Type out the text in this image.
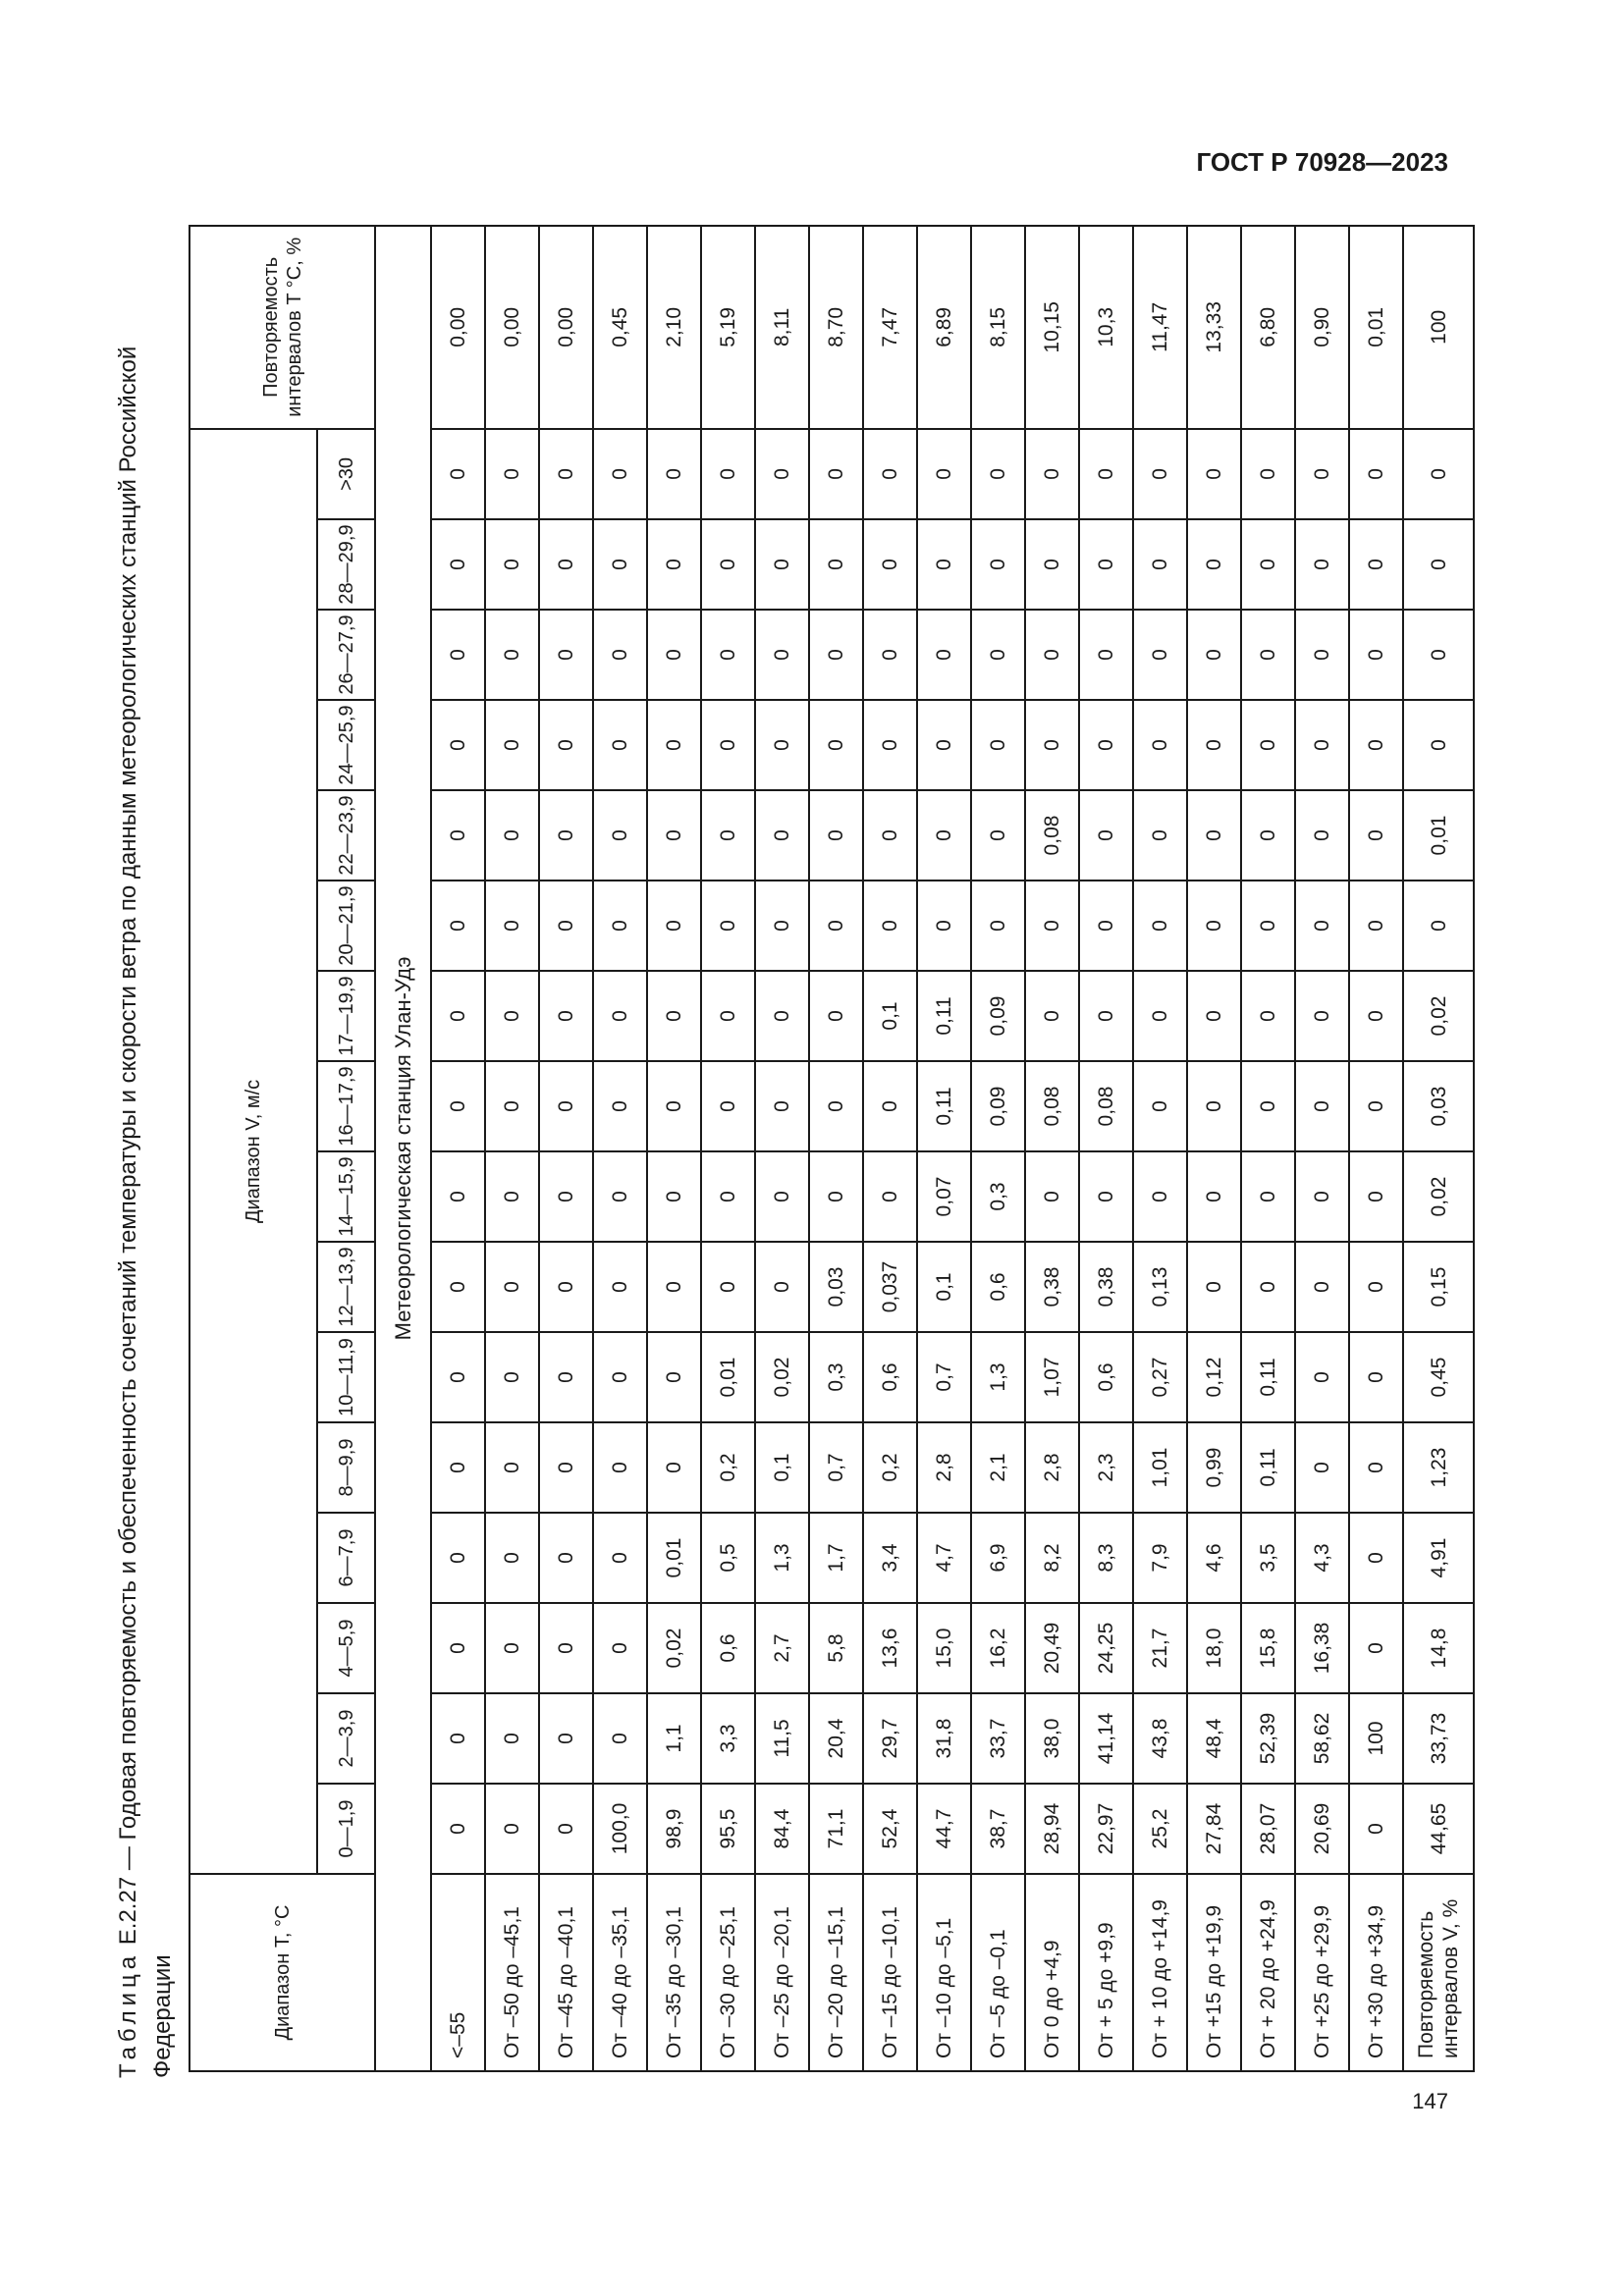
ГОСТ Р 70928—2023
Таблица Е.2.27 — Годовая повторяемость и обеспеченность сочетаний температуры и скорости ветра по данным метеорологических станций Российской Федерации	Диапазон T, °C	Диапазон V, м/с																Повторяемость интервалов T °C, %
	0—1,9	2—3,9	4—5,9	6—7,9	8—9,9	10—11,9	12—13,9	14—15,9	16—17,9	17—19,9	20—21,9	22—23,9	24—25,9	26—27,9	28—29,9	>30	
Метеорологическая станция Улан-Удэ																	
<–55	0	0	0	0	0	0	0	0	0	0	0	0	0	0	0	0	0,00
От –50 до –45,1	0	0	0	0	0	0	0	0	0	0	0	0	0	0	0	0	0,00
От –45 до –40,1	0	0	0	0	0	0	0	0	0	0	0	0	0	0	0	0	0,00
От –40 до –35,1	100,0	0	0	0	0	0	0	0	0	0	0	0	0	0	0	0	0,45
От –35 до –30,1	98,9	1,1	0,02	0,01	0	0	0	0	0	0	0	0	0	0	0	0	2,10
От –30 до –25,1	95,5	3,3	0,6	0,5	0,2	0,01	0	0	0	0	0	0	0	0	0	0	5,19
От –25 до –20,1	84,4	11,5	2,7	1,3	0,1	0,02	0	0	0	0	0	0	0	0	0	0	8,11
От –20 до –15,1	71,1	20,4	5,8	1,7	0,7	0,3	0,03	0	0	0	0	0	0	0	0	0	8,70
От –15 до –10,1	52,4	29,7	13,6	3,4	0,2	0,6	0,037	0	0	0,1	0	0	0	0	0	0	7,47
От –10 до –5,1	44,7	31,8	15,0	4,7	2,8	0,7	0,1	0,07	0,11	0,11	0	0	0	0	0	0	6,89
От –5 до –0,1	38,7	33,7	16,2	6,9	2,1	1,3	0,6	0,3	0,09	0,09	0	0	0	0	0	0	8,15
От 0 до +4,9	28,94	38,0	20,49	8,2	2,8	1,07	0,38	0	0,08	0	0	0,08	0	0	0	0	10,15
От + 5 до +9,9	22,97	41,14	24,25	8,3	2,3	0,6	0,38	0	0,08	0	0	0	0	0	0	0	10,3
От + 10 до +14,9	25,2	43,8	21,7	7,9	1,01	0,27	0,13	0	0	0	0	0	0	0	0	0	11,47
От +15 до +19,9	27,84	48,4	18,0	4,6	0,99	0,12	0	0	0	0	0	0	0	0	0	0	13,33
От + 20 до +24,9	28,07	52,39	15,8	3,5	0,11	0,11	0	0	0	0	0	0	0	0	0	0	6,80
От +25 до +29,9	20,69	58,62	16,38	4,3	0	0	0	0	0	0	0	0	0	0	0	0	0,90
От +30 до +34,9	0	100	0	0	0	0	0	0	0	0	0	0	0	0	0	0	0,01
Повторяемость интервалов V, %	44,65	33,73	14,8	4,91	1,23	0,45	0,15	0,02	0,03	0,02	0	0,01	0	0	0	0	100
147
